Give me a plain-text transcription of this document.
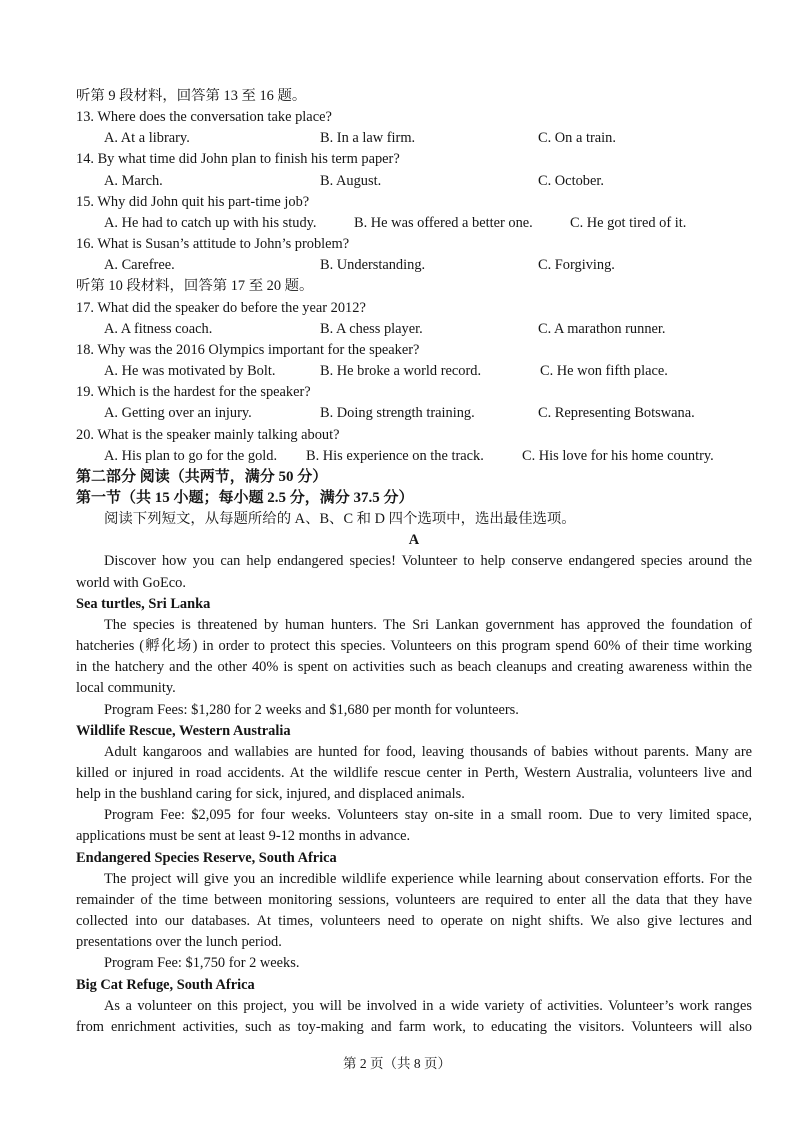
听第 9 段材料，回答第 13 至 16 题。
13. Where does the conversation take place?
A. At a library.	B. In a law firm.	C. On a train.
14. By what time did John plan to finish his term paper?
A. March.	B. August.	C. October.
15. Why did John quit his part-time job?
A. He had to catch up with his study.	B. He was offered a better one.	C. He got tired of it.
16. What is Susan’s attitude to John’s problem?
A. Carefree.	B. Understanding.	C. Forgiving.
听第 10 段材料，回答第 17 至 20 题。
17. What did the speaker do before the year 2012?
A. A fitness coach.	B. A chess player.	C. A marathon runner.
18. Why was the 2016 Olympics important for the speaker?
A. He was motivated by Bolt.	B. He broke a world record.	C. He won fifth place.
19. Which is the hardest for the speaker?
A. Getting over an injury.	B. Doing strength training.	C. Representing Botswana.
20. What is the speaker mainly talking about?
A. His plan to go for the gold. B. His experience on the track.	C. His love for his home country.
第二部分 阅读（共两节，满分 50 分）
第一节（共 15 小题；每小题 2.5 分，满分 37.5 分）
阅读下列短文，从每题所给的 A、B、C 和 D 四个选项中，选出最佳选项。
A
Discover how you can help endangered species! Volunteer to help conserve endangered species around the
world with GoEco.
Sea turtles, Sri Lanka
The species is threatened by human hunters. The Sri Lankan government has approved the foundation of
hatcheries (孵化场) in order to protect this species. Volunteers on this program spend 60% of their time working
in the hatchery and the other 40% is spent on activities such as beach cleanups and creating awareness within the
local community.
Program Fees: $1,280 for 2 weeks and $1,680 per month for volunteers.
Wildlife Rescue, Western Australia
Adult kangaroos and wallabies are hunted for food, leaving thousands of babies without parents. Many are
killed or injured in road accidents. At the wildlife rescue center in Perth, Western Australia, volunteers live and
help in the bushland caring for sick, injured, and displaced animals.
Program Fee: $2,095 for four weeks. Volunteers stay on-site in a small room. Due to very limited space,
applications must be sent at least 9-12 months in advance.
Endangered Species Reserve, South Africa
The project will give you an incredible wildlife experience while learning about conservation efforts. For the
remainder of the time between monitoring sessions, volunteers are required to enter all the data that they have
collected into our databases. At times, volunteers need to operate on night shifts. We also give lectures and
presentations over the lunch period.
Program Fee: $1,750 for 2 weeks.
Big Cat Refuge, South Africa
As a volunteer on this project, you will be involved in a wide variety of activities. Volunteer’s work ranges
from enrichment activities, such as toy-making and farm work, to educating the visitors. Volunteers will also
第 2 页（共 8 页）
